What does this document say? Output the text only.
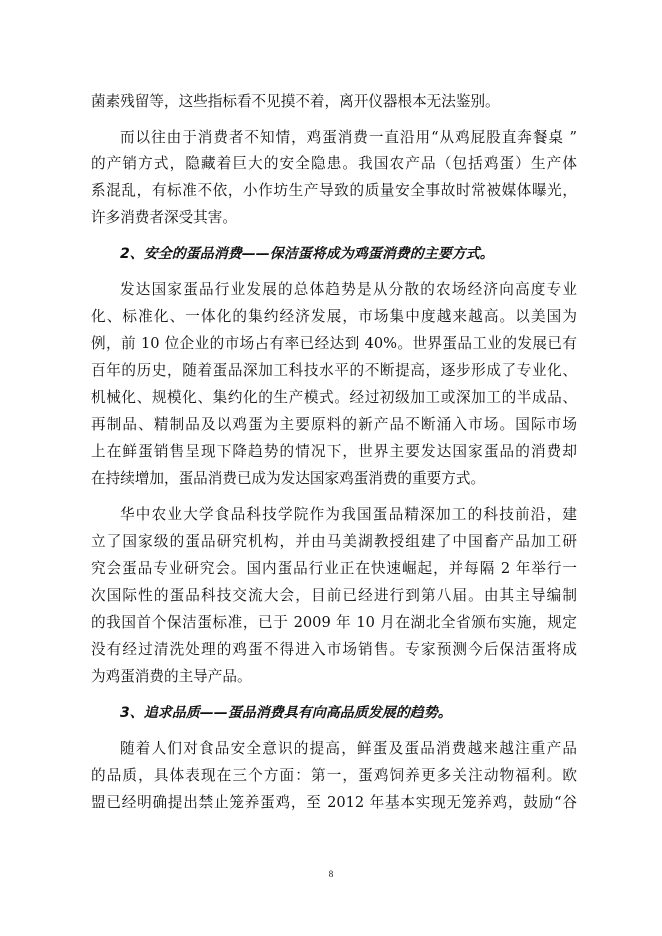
菌素残留等，这些指标看不见摸不着，离开仪器根本无法鉴别。
而以往由于消费者不知情，鸡蛋消费一直沿用“从鸡屁股直奔餐桌 ”
的产销方式，隐藏着巨大的安全隐患。我国农产品（包括鸡蛋）生产体
系混乱，有标准不依，小作坊生产导致的质量安全事故时常被媒体曝光，
许多消费者深受其害。
2、安全的蛋品消费——保洁蛋将成为鸡蛋消费的主要方式。
发达国家蛋品行业发展的总体趋势是从分散的农场经济向高度专业
化、标准化、一体化的集约经济发展，市场集中度越来越高。以美国为
例，前 10 位企业的市场占有率已经达到 40%。世界蛋品工业的发展已有
百年的历史，随着蛋品深加工科技水平的不断提高，逐步形成了专业化、
机械化、规模化、集约化的生产模式。经过初级加工或深加工的半成品、
再制品、精制品及以鸡蛋为主要原料的新产品不断涌入市场。国际市场
上在鲜蛋销售呈现下降趋势的情况下，世界主要发达国家蛋品的消费却
在持续增加，蛋品消费已成为发达国家鸡蛋消费的重要方式。
华中农业大学食品科技学院作为我国蛋品精深加工的科技前沿，建
立了国家级的蛋品研究机构，并由马美湖教授组建了中国畜产品加工研
究会蛋品专业研究会。国内蛋品行业正在快速崛起，并每隔 2 年举行一
次国际性的蛋品科技交流大会，目前已经进行到第八届。由其主导编制
的我国首个保洁蛋标准，已于 2009 年 10 月在湖北全省颁布实施，规定
没有经过清洗处理的鸡蛋不得进入市场销售。专家预测今后保洁蛋将成
为鸡蛋消费的主导产品。
3、追求品质——蛋品消费具有向高品质发展的趋势。
随着人们对食品安全意识的提高，鲜蛋及蛋品消费越来越注重产品
的品质，具体表现在三个方面：第一，蛋鸡饲养更多关注动物福利。欧
盟已经明确提出禁止笼养蛋鸡，至 2012 年基本实现无笼养鸡，鼓励“谷
8
